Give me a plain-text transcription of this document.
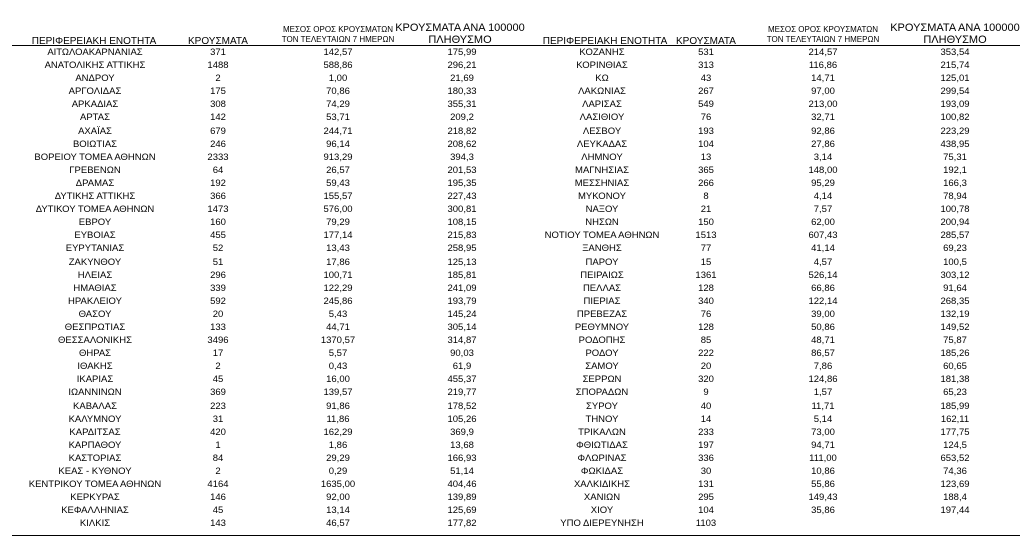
ΠΕΡΙΦΕΡΕΙΑΚΗ ΕΝΟΤΗΤΑ	ΚΡΟΥΣΜΑΤΑ
ΜΕΣΟΣ ΟΡΟΣ ΚΡΟΥΣΜΑΤΩΝ
ΤΟΝ ΤΕΛΕΥΤΑΙΩΝ 7 ΗΜΕΡΩΝ
ΚΡΟΥΣΜΑΤΑ ΑΝΑ 100000
ΠΛΗΘΥΣΜΟ
ΑΙΤΩΛΟΑΚΑΡΝΑΝΙΑΣ	371	142,57	175,99
ΑΝΑΤΟΛΙΚΗΣ ΑΤΤΙΚΗΣ	1488	588,86	296,21
ΑΝΔΡΟΥ	2	1,00	21,69
ΑΡΓΟΛΙΔΑΣ	175	70,86	180,33
ΑΡΚΑΔΙΑΣ	308	74,29	355,31
ΑΡΤΑΣ	142	53,71	209,2
ΑΧΑΪΑΣ	679	244,71	218,82
ΒΟΙΩΤΙΑΣ	246	96,14	208,62
ΒΟΡΕΙΟΥ ΤΟΜΕΑ ΑΘΗΝΩΝ	2333	913,29	394,3
ΓΡΕΒΕΝΩΝ	64	26,57	201,53
ΔΡΑΜΑΣ	192	59,43	195,35
ΔΥΤΙΚΗΣ ΑΤΤΙΚΗΣ	366	155,57	227,43
ΔΥΤΙΚΟΥ ΤΟΜΕΑ ΑΘΗΝΩΝ	1473	576,00	300,81
ΕΒΡΟΥ	160	79,29	108,15
ΕΥΒΟΙΑΣ	455	177,14	215,83
ΕΥΡΥΤΑΝΙΑΣ	52	13,43	258,95
ΖΑΚΥΝΘΟΥ	51	17,86	125,13
ΗΛΕΙΑΣ	296	100,71	185,81
ΗΜΑΘΙΑΣ	339	122,29	241,09
ΗΡΑΚΛΕΙΟΥ	592	245,86	193,79
ΘΑΣΟΥ	20	5,43	145,24
ΘΕΣΠΡΩΤΙΑΣ	133	44,71	305,14
ΘΕΣΣΑΛΟΝΙΚΗΣ	3496	1370,57	314,87
ΘΗΡΑΣ	17	5,57	90,03
ΙΘΑΚΗΣ	2	0,43	61,9
ΙΚΑΡΙΑΣ	45	16,00	455,37
ΙΩΑΝΝΙΝΩΝ	369	139,57	219,77
ΚΑΒΑΛΑΣ	223	91,86	178,52
ΚΑΛΥΜΝΟΥ	31	11,86	105,26
ΚΑΡΔΙΤΣΑΣ	420	162,29	369,9
ΚΑΡΠΑΘΟΥ	1	1,86	13,68
ΚΑΣΤΟΡΙΑΣ	84	29,29	166,93
ΚΕΑΣ - ΚΥΘΝΟΥ	2	0,29	51,14
ΚΕΝΤΡΙΚΟΥ ΤΟΜΕΑ ΑΘΗΝΩΝ	4164	1635,00	404,46
ΚΕΡΚΥΡΑΣ	146	92,00	139,89
ΚΕΦΑΛΛΗΝΙΑΣ	45	13,14	125,69
ΚΙΛΚΙΣ	143	46,57	177,82
ΠΕΡΙΦΕΡΕΙΑΚΗ ΕΝΟΤΗΤΑ ΚΡΟΥΣΜΑΤΑ
ΜΕΣΟΣ ΟΡΟΣ ΚΡΟΥΣΜΑΤΩΝ
ΤΟΝ ΤΕΛΕΥΤΑΙΩΝ 7 ΗΜΕΡΩΝ
ΚΡΟΥΣΜΑΤΑ ΑΝΑ 100000
ΠΛΗΘΥΣΜΟ
ΚΟΖΑΝΗΣ	531	214,57	353,54
ΚΟΡΙΝΘΙΑΣ	313	116,86	215,74
ΚΩ	43	14,71	125,01
ΛΑΚΩΝΙΑΣ	267	97,00	299,54
ΛΑΡΙΣΑΣ	549	213,00	193,09
ΛΑΣΙΘΙΟΥ	76	32,71	100,82
ΛΕΣΒΟΥ	193	92,86	223,29
ΛΕΥΚΑΔΑΣ	104	27,86	438,95
ΛΗΜΝΟΥ	13	3,14	75,31
ΜΑΓΝΗΣΙΑΣ	365	148,00	192,1
ΜΕΣΣΗΝΙΑΣ	266	95,29	166,3
ΜΥΚΟΝΟΥ	8	4,14	78,94
ΝΑΞΟΥ	21	7,57	100,78
ΝΗΣΩΝ	150	62,00	200,94
ΝΟΤΙΟΥ ΤΟΜΕΑ ΑΘΗΝΩΝ	1513	607,43	285,57
ΞΑΝΘΗΣ	77	41,14	69,23
ΠΑΡΟΥ	15	4,57	100,5
ΠΕΙΡΑΙΩΣ	1361	526,14	303,12
ΠΕΛΛΑΣ	128	66,86	91,64
ΠΙΕΡΙΑΣ	340	122,14	268,35
ΠΡΕΒΕΖΑΣ	76	39,00	132,19
ΡΕΘΥΜΝΟΥ	128	50,86	149,52
ΡΟΔΟΠΗΣ	85	48,71	75,87
ΡΟΔΟΥ	222	86,57	185,26
ΣΑΜΟΥ	20	7,86	60,65
ΣΕΡΡΩΝ	320	124,86	181,38
ΣΠΟΡΑΔΩΝ	9	1,57	65,23
ΣΥΡΟΥ	40	11,71	185,99
ΤΗΝΟΥ	14	5,14	162,11
ΤΡΙΚΑΛΩΝ	233	73,00	177,75
ΦΘΙΩΤΙΔΑΣ	197	94,71	124,5
ΦΛΩΡΙΝΑΣ	336	111,00	653,52
ΦΩΚΙΔΑΣ	30	10,86	74,36
ΧΑΛΚΙΔΙΚΗΣ	131	55,86	123,69
ΧΑΝΙΩΝ	295	149,43	188,4
ΧΙΟΥ	104	35,86	197,44
ΥΠΟ ΔΙΕΡΕΥΝΗΣΗ	1103
